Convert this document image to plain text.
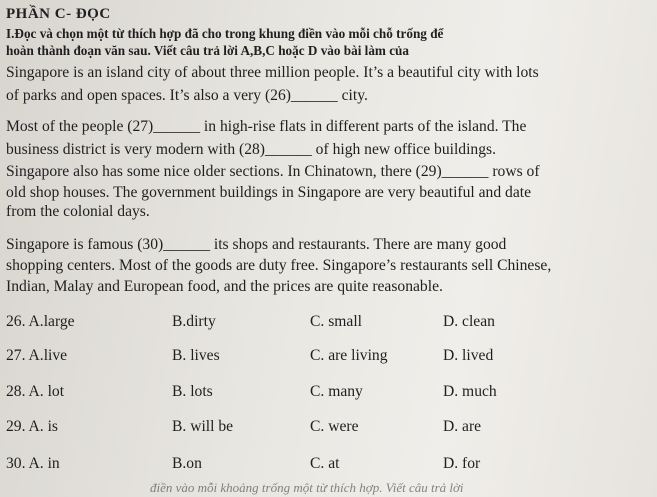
PHẦN C- ĐỌC
I.Đọc và chọn một từ thích hợp đã cho trong khung điền vào mỗi chỗ trống để
hoàn thành đoạn văn sau. Viết câu trả lời A,B,C hoặc D vào bài làm của
Singapore is an island city of about three million people. It’s a beautiful city with lots
of parks and open spaces. It’s also a very (26)______ city.
Most of the people (27)______ in high-rise flats in different parts of the island. The
business district is very modern with (28)______ of high new office buildings.
Singapore also has some nice older sections. In Chinatown, there (29)______ rows of
old shop houses. The government buildings in Singapore are very beautiful and date
from the colonial days.
Singapore is famous (30)______ its shops and restaurants. There are many good
shopping centers. Most of the goods are duty free. Singapore’s restaurants sell Chinese,
Indian, Malay and European food, and the prices are quite reasonable.
26. A.large	B.dirty	C. small	D. clean
27. A.live	B. lives	C. are living	D. lived
28. A. lot	B. lots	C. many	D. much
29. A. is	B. will be	C. were	D. are
30. A. in	B.on	C. at	D. for
điền vào mỗi khoảng trống một từ thích hợp. Viết câu trả lời
